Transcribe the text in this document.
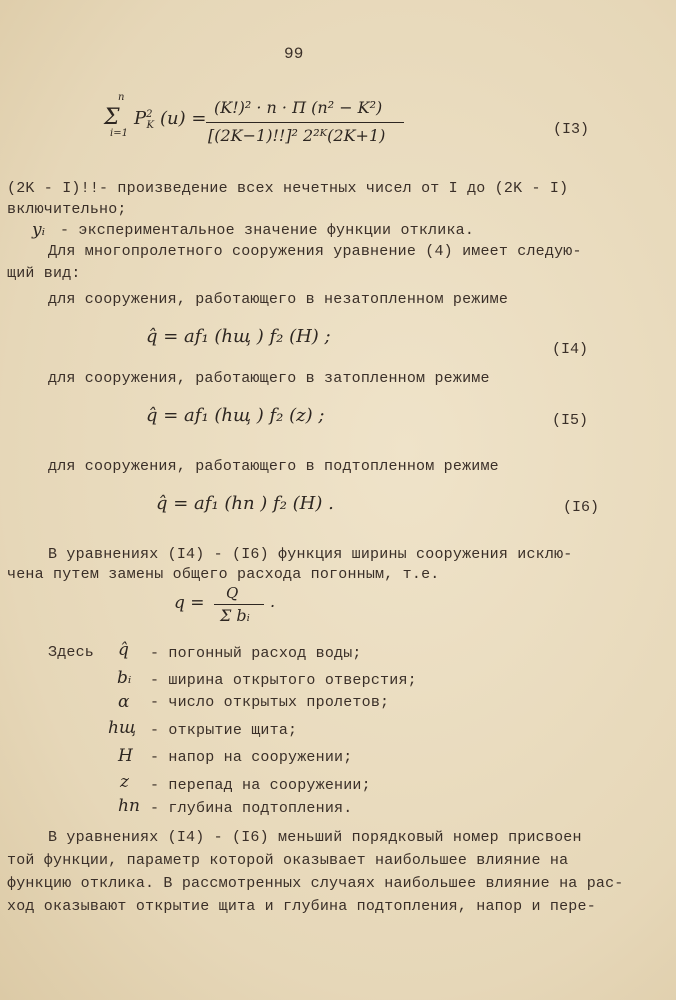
99
Σ
n
i=1
$P^2_K$ (u) =
(K!)² · n · Π (n² − K²)
[(2K−1)!!]² 2²ᴷ(2K+1)	(I3)
(2K - I)!!- произведение всех нечетных чисел от I до (2K - I)
включительно;
yᵢ - экспериментальное значение функции отклика.
Для многопролетного сооружения уравнение (4) имеет следую-
щий вид:
для сооружения, работающего в незатопленном режиме
q̂ = af₁ (hщ ) f₂ (H) ;
(I4)
для сооружения, работающего в затопленном режиме
q̂ = af₁ (hщ ) f₂ (z) ;	(I5)
для сооружения, работающего в подтопленном режиме
q̂ = af₁ (hп ) f₂ (H) .	(I6)
В уравнениях (I4) - (I6) функция ширины сооружения исклю-
чена путем замены общего расхода погонным, т.е.
q = Q
Σ bᵢ
.
Здесь q̂ - погонный расход воды;
bᵢ - ширина открытого отверстия;
α - число открытых пролетов;
hщ - открытие щита;
H - напор на сооружении;
z - перепад на сооружении;
hп - глубина подтопления.
В уравнениях (I4) - (I6) меньший порядковый номер присвоен
той функции, параметр которой оказывает наибольшее влияние на
функцию отклика. В рассмотренных случаях наибольшее влияние на рас-
ход оказывают открытие щита и глубина подтопления, напор и пере-
